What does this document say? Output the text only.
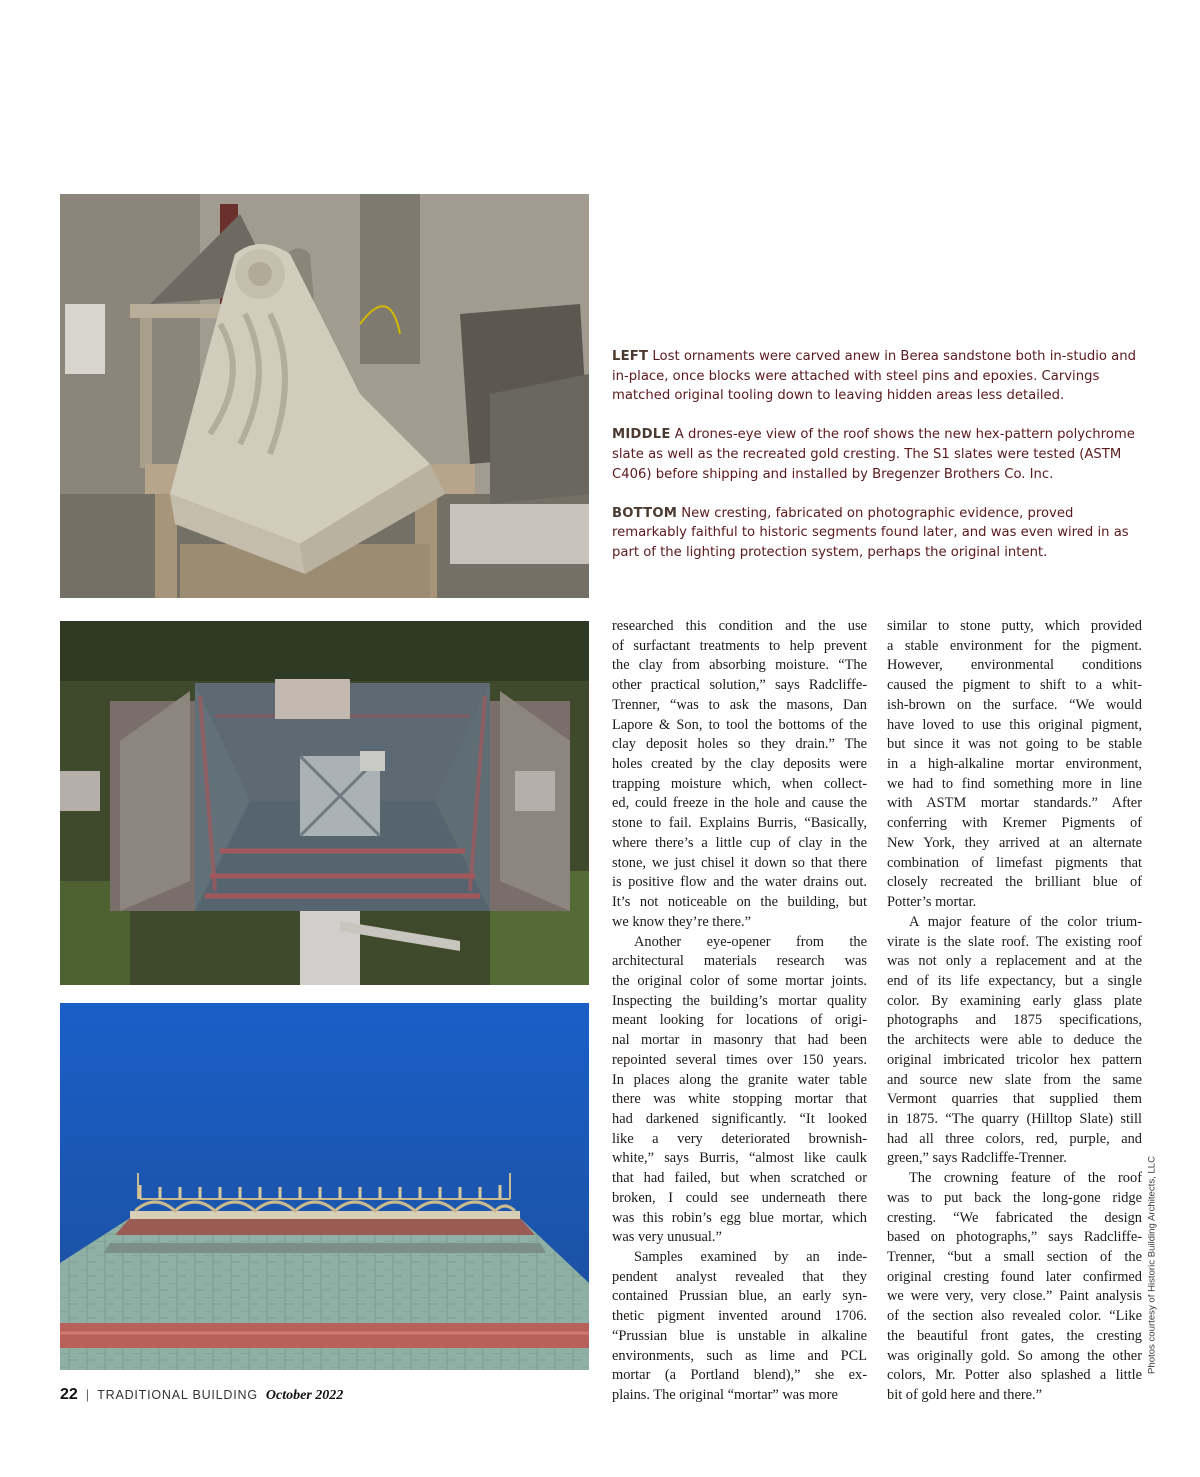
LEFT Lost ornaments were carved anew in Berea sandstone both in-studio and in-place, once blocks were attached with steel pins and epoxies. Carvings matched original tooling down to leaving hidden areas less detailed.

MIDDLE A drones-eye view of the roof shows the new hex-pattern polychrome slate as well as the recreated gold cresting. The S1 slates were tested (ASTM C406) before shipping and installed by Bregenzer Brothers Co. Inc.

BOTTOM New cresting, fabricated on photographic evidence, proved remarkably faithful to historic segments found later, and was even wired in as part of the lighting protection system, perhaps the original intent.

researched this condition and the use
of surfactant treatments to help prevent
the clay from absorbing moisture. “The
other practical solution,” says Radcliffe-
Trenner, “was to ask the masons, Dan
Lapore & Son, to tool the bottoms of the
clay deposit holes so they drain.” The
holes created by the clay deposits were
trapping moisture which, when collect-
ed, could freeze in the hole and cause the
stone to fail. Explains Burris, “Basically,
where there’s a little cup of clay in the
stone, we just chisel it down so that there
is positive flow and the water drains out.
It’s not noticeable on the building, but
we know they’re there.”
Another eye-opener from the
architectural materials research was
the original color of some mortar joints.
Inspecting the building’s mortar quality
meant looking for locations of origi-
nal mortar in masonry that had been
repointed several times over 150 years.
In places along the granite water table
there was white stopping mortar that
had darkened significantly. “It looked
like a very deteriorated brownish-
white,” says Burris, “almost like caulk
that had failed, but when scratched or
broken, I could see underneath there
was this robin’s egg blue mortar, which
was very unusual.”
Samples examined by an inde-
pendent analyst revealed that they
contained Prussian blue, an early syn-
thetic pigment invented around 1706.
“Prussian blue is unstable in alkaline
environments, such as lime and PCL
mortar (a Portland blend),” she ex-
plains. The original “mortar” was more
similar to stone putty, which provided
a stable environment for the pigment.
However, environmental conditions
caused the pigment to shift to a whit-
ish-brown on the surface. “We would
have loved to use this original pigment,
but since it was not going to be stable
in a high-alkaline mortar environment,
we had to find something more in line
with ASTM mortar standards.” After
conferring with Kremer Pigments of
New York, they arrived at an alternate
combination of limefast pigments that
closely recreated the brilliant blue of
Potter’s mortar.
A major feature of the color trium-
virate is the slate roof. The existing roof
was not only a replacement and at the
end of its life expectancy, but a single
color. By examining early glass plate
photographs and 1875 specifications,
the architects were able to deduce the
original imbricated tricolor hex pattern
and source new slate from the same
Vermont quarries that supplied them
in 1875. “The quarry (Hilltop Slate) still
had all three colors, red, purple, and
green,” says Radcliffe-Trenner.
The crowning feature of the roof
was to put back the long-gone ridge
cresting. “We fabricated the design
based on photographs,” says Radcliffe-
Trenner, “but a small section of the
original cresting found later confirmed
we were very, very close.” Paint analysis
of the section also revealed color. “Like
the beautiful front gates, the cresting
was originally gold. So among the other
colors, Mr. Potter also splashed a little
bit of gold here and there.”
Photos courtesy of Historic Building Architects, LLC
22 | TRADITIONAL BUILDING October 2022
